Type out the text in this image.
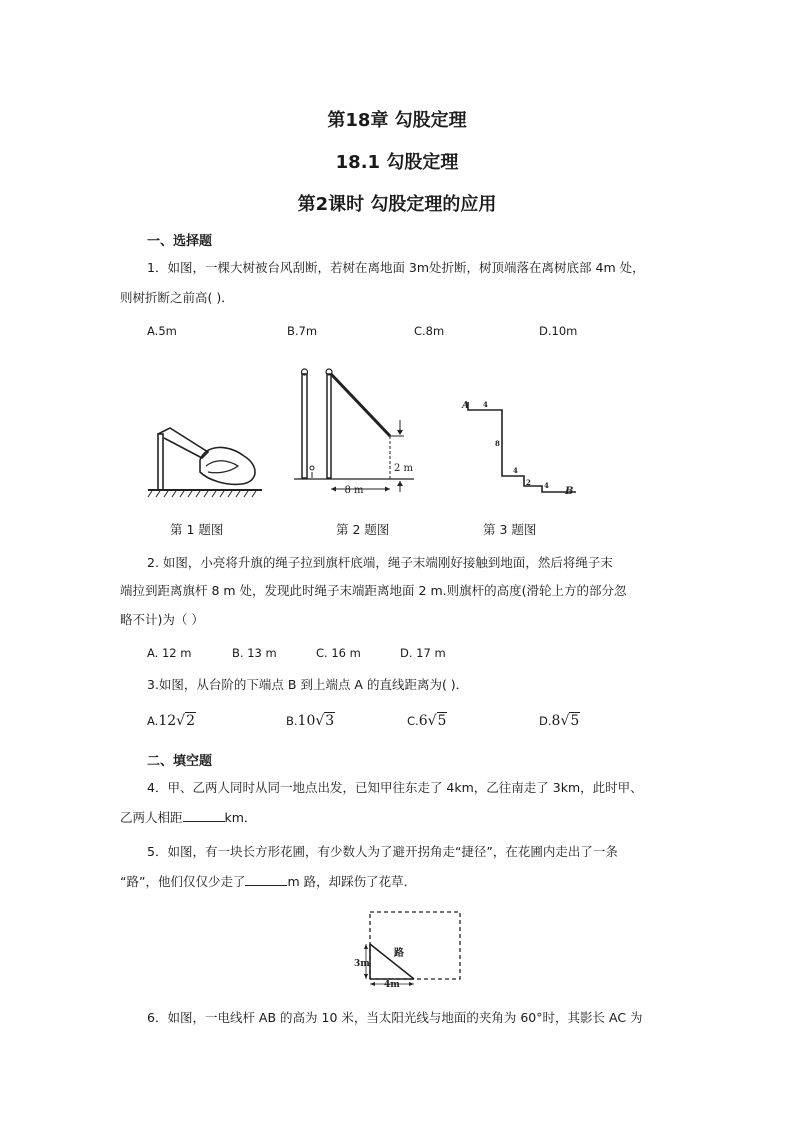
第18章 勾股定理
18.1 勾股定理
第2课时 勾股定理的应用
一、选择题
1．如图，一棵大树被台风刮断，若树在离地面 3m处折断，树顶端落在离树底部 4m 处，
则树折断之前高( )．
A.5m	B.7m	C.8m	D.10m
8 m
2 m
A 4
8
4
2 4
B
第 1 题图	第 2 题图	第 3 题图
2. 如图，小亮将升旗的绳子拉到旗杆底端，绳子末端刚好接触到地面，然后将绳子末
端拉到距离旗杆 8 m 处，发现此时绳子末端距离地面 2 m.则旗杆的高度(滑轮上方的部分忽
略不计)为（ ）
A. 12 m	B. 13 m	C. 16 m	D. 17 m
3.如图，从台阶的下端点 B 到上端点 A 的直线距离为( )．
A.12√2	B.10√3	C.6√5	D.8√5
二、填空题
4．甲、乙两人同时从同一地点出发，已知甲往东走了 4km，乙往南走了 3km，此时甲、
乙两人相距	km．
5．如图，有一块长方形花圃，有少数人为了避开拐角走“捷径”，在花圃内走出了一条
“路”，他们仅仅少走了	m 路，却踩伤了花草．
3m
4m
路
6．如图，一电线杆 AB 的高为 10 米，当太阳光线与地面的夹角为 60°时，其影长 AC 为
